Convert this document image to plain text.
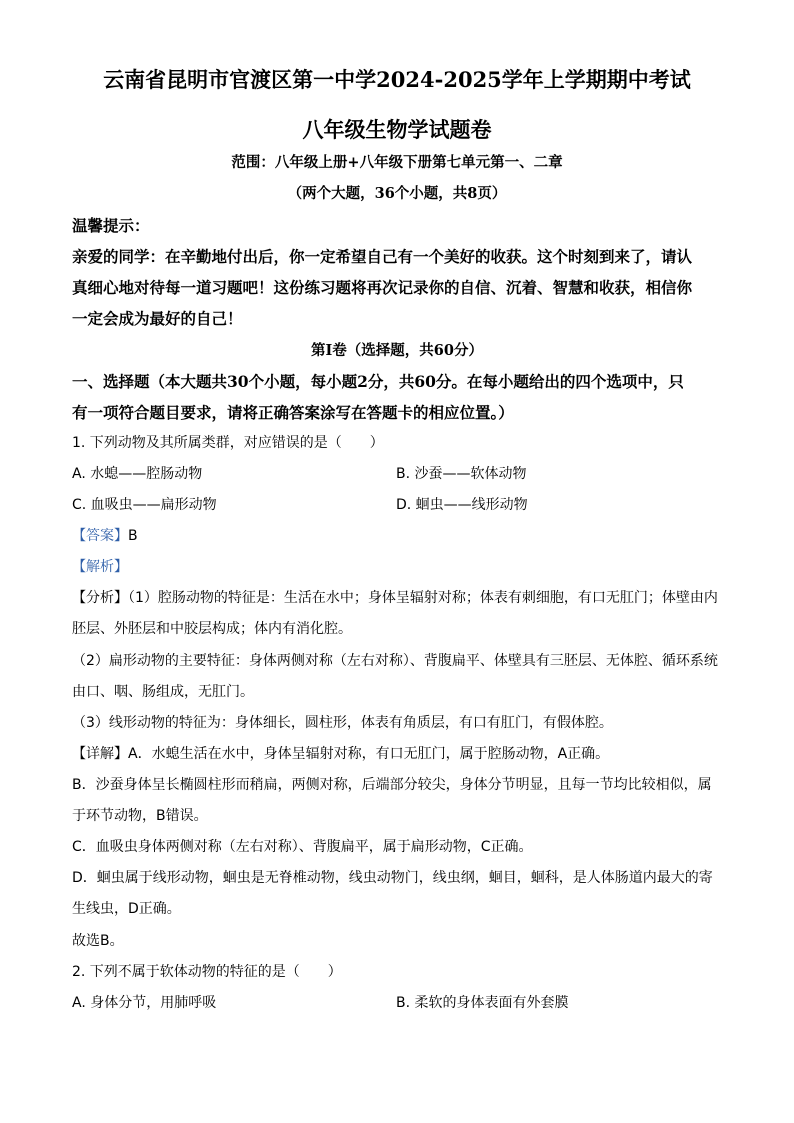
云南省昆明市官渡区第一中学2024-2025学年上学期期中考试
八年级生物学试题卷
范围：八年级上册+八年级下册第七单元第一、二章
（两个大题，36个小题，共8页）
温馨提示：
亲爱的同学：在辛勤地付出后，你一定希望自己有一个美好的收获。这个时刻到来了，请认
真细心地对待每一道习题吧！这份练习题将再次记录你的自信、沉着、智慧和收获，相信你
一定会成为最好的自己！
第Ⅰ卷（选择题，共60分）
一、选择题（本大题共30个小题，每小题2分，共60分。在每小题给出的四个选项中，只
有一项符合题目要求，请将正确答案涂写在答题卡的相应位置。）
1. 下列动物及其所属类群，对应错误的是（　　）
A. 水螅——腔肠动物	B. 沙蚕——软体动物
C. 血吸虫——扁形动物	D. 蛔虫——线形动物
【答案】B
【解析】
【分析】（1）腔肠动物的特征是：生活在水中；身体呈辐射对称；体表有刺细胞，有口无肛门；体壁由内
胚层、外胚层和中胶层构成；体内有消化腔。
（2）扁形动物的主要特征：身体两侧对称（左右对称）、背腹扁平、体壁具有三胚层、无体腔、循环系统
由口、咽、肠组成，无肛门。
（3）线形动物的特征为：身体细长，圆柱形，体表有角质层，有口有肛门，有假体腔。
【详解】A．水螅生活在水中，身体呈辐射对称，有口无肛门，属于腔肠动物，A正确。
B．沙蚕身体呈长椭圆柱形而稍扁，两侧对称，后端部分较尖，身体分节明显，且每一节均比较相似，属
于环节动物，B错误。
C．血吸虫身体两侧对称（左右对称）、背腹扁平，属于扁形动物，C正确。
D．蛔虫属于线形动物，蛔虫是无脊椎动物，线虫动物门，线虫纲，蛔目，蛔科，是人体肠道内最大的寄
生线虫，D正确。
故选B。
2. 下列不属于软体动物的特征的是（　　）
A. 身体分节，用肺呼吸	B. 柔软的身体表面有外套膜
